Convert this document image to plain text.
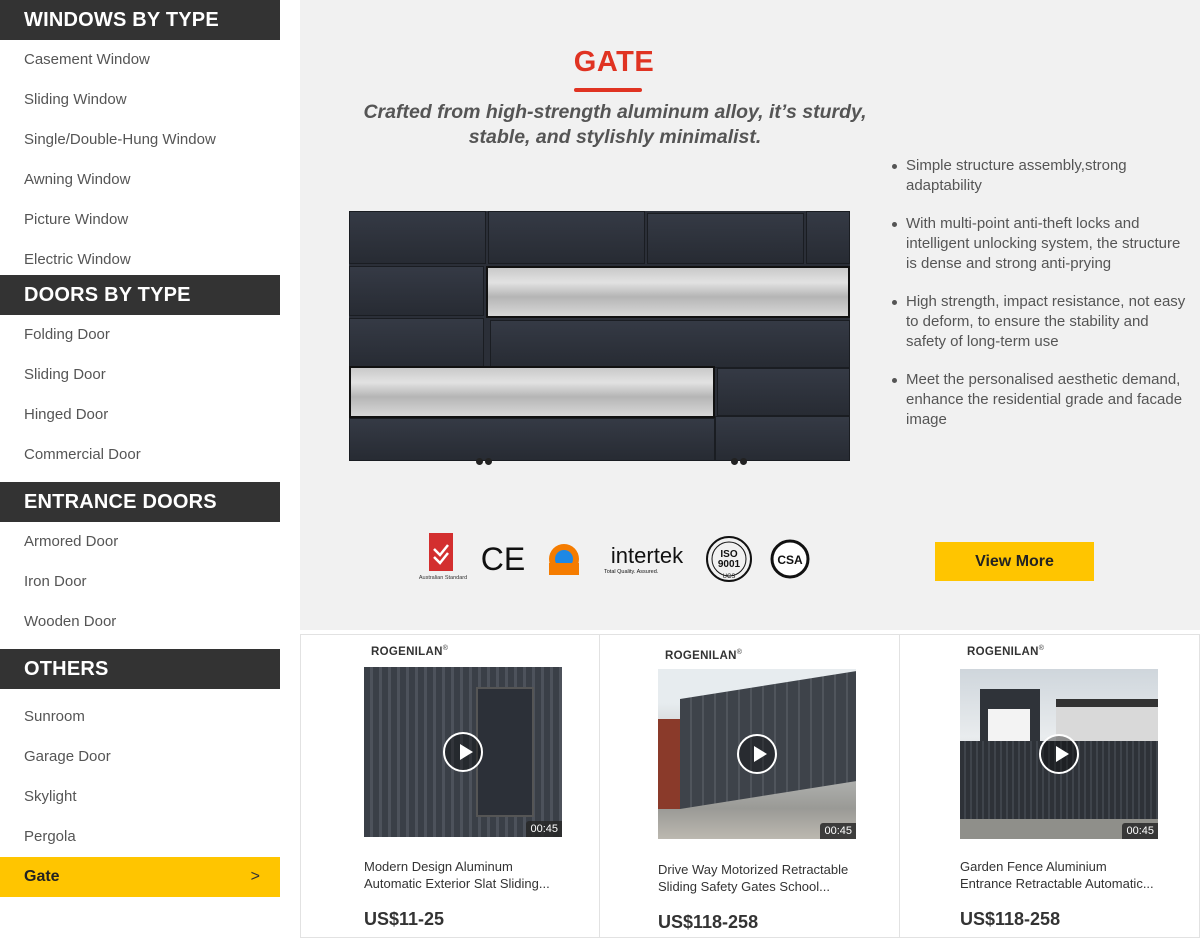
WINDOWS BY TYPE
Casement Window
Sliding Window
Single/Double-Hung Window
Awning Window
Picture Window
Electric Window
DOORS BY TYPE
Folding Door
Sliding Door
Hinged Door
Commercial Door
ENTRANCE DOORS
Armored Door
Iron Door
Wooden Door
OTHERS
Sunroom
Garage Door
Skylight
Pergola
Gate	>
GATE
Crafted from high-strength aluminum alloy, it’s sturdy,
stable, and stylishly minimalist.
Simple structure assembly,strong adaptability
With multi-point anti-theft locks and intelligent unlocking system, the structure is dense and strong anti-prying
High strength, impact resistance, not easy to deform, to ensure the stability and safety of long-term use
Meet the personalised aesthetic demand, enhance the residential grade and facade image
Australian Standard
CE	intertek
Total Quality. Assured.
ISO
9001
UCS
CSA	View More
ROGENILAN®
00:45
Modern Design Aluminum
Automatic Exterior Slat Sliding...
US$11-25
ROGENILAN®
00:45
Drive Way Motorized Retractable
Sliding Safety Gates School...
US$118-258
ROGENILAN®
00:45
Garden Fence Aluminium
Entrance Retractable Automatic...
US$118-258
